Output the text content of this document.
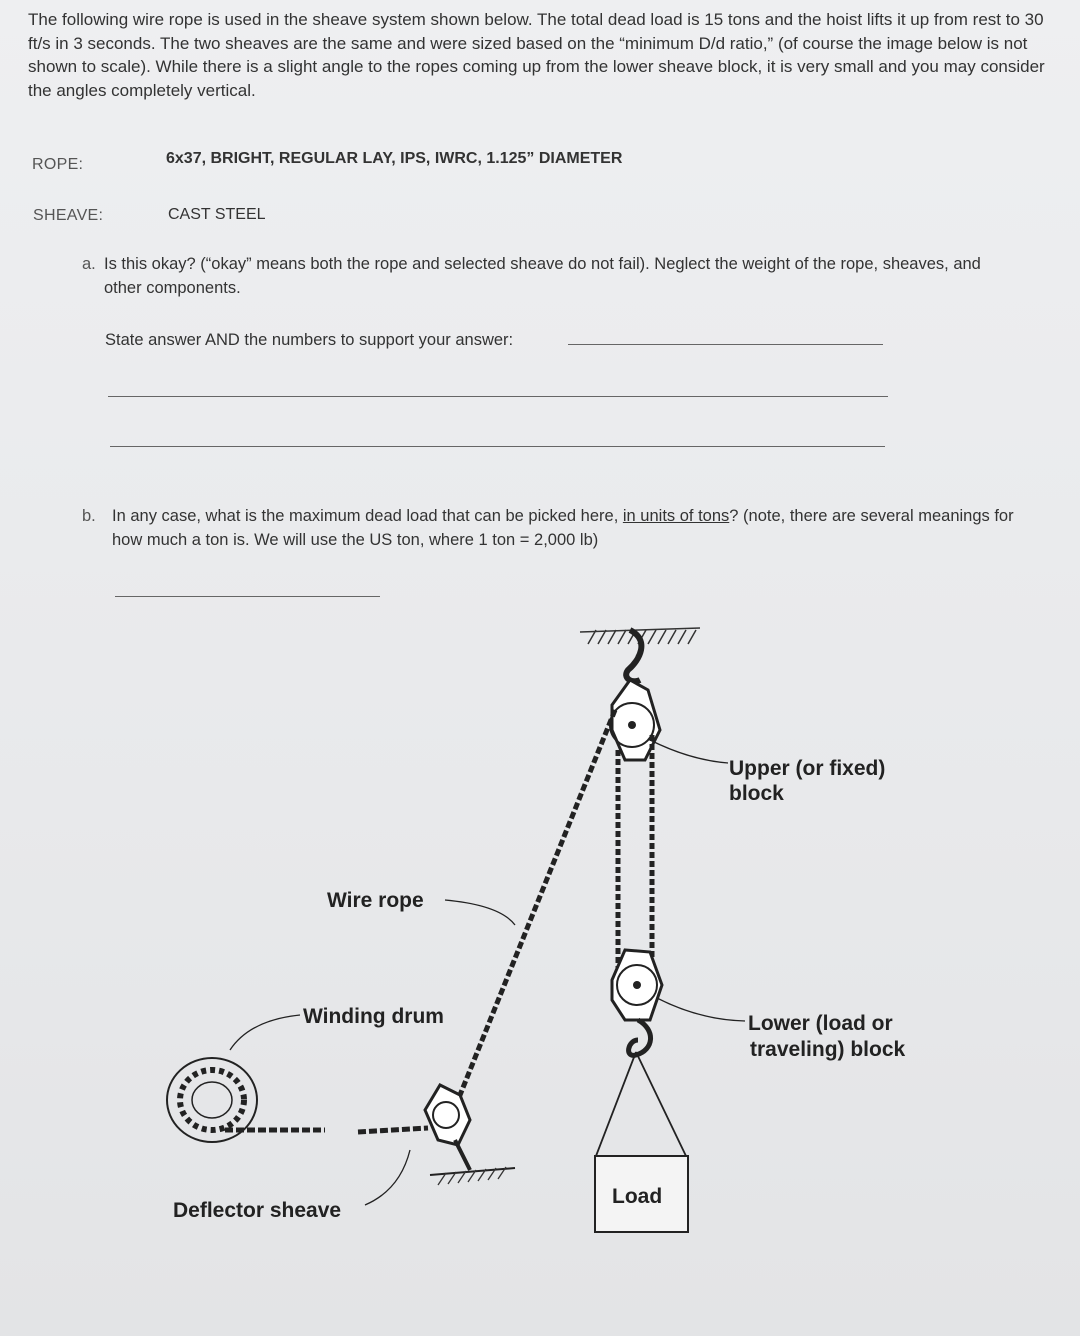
The following wire rope is used in the sheave system shown below. The total dead load is 15 tons and the hoist lifts it up from rest to 30 ft/s in 3 seconds. The two sheaves are the same and were sized based on the “minimum D/d ratio,” (of course the image below is not shown to scale). While there is a slight angle to the ropes coming up from the lower sheave block, it is very small and you may consider the angles completely vertical.

ROPE:	6x37, BRIGHT, REGULAR LAY, IPS, IWRC, 1.125” DIAMETER
SHEAVE:	CAST STEEL
a. Is this okay? (“okay” means both the rope and selected sheave do not fail). Neglect the weight of the rope, sheaves, and other components.
State answer AND the numbers to support your answer:
b. In any case, what is the maximum dead load that can be picked here, in units of tons? (note, there are several meanings for how much a ton is. We will use the US ton, where 1 ton = 2,000 lb)
Load
Upper (or fixed)
block
Wire rope
Winding drum	Lower (load or
traveling) block
Deflector sheave
